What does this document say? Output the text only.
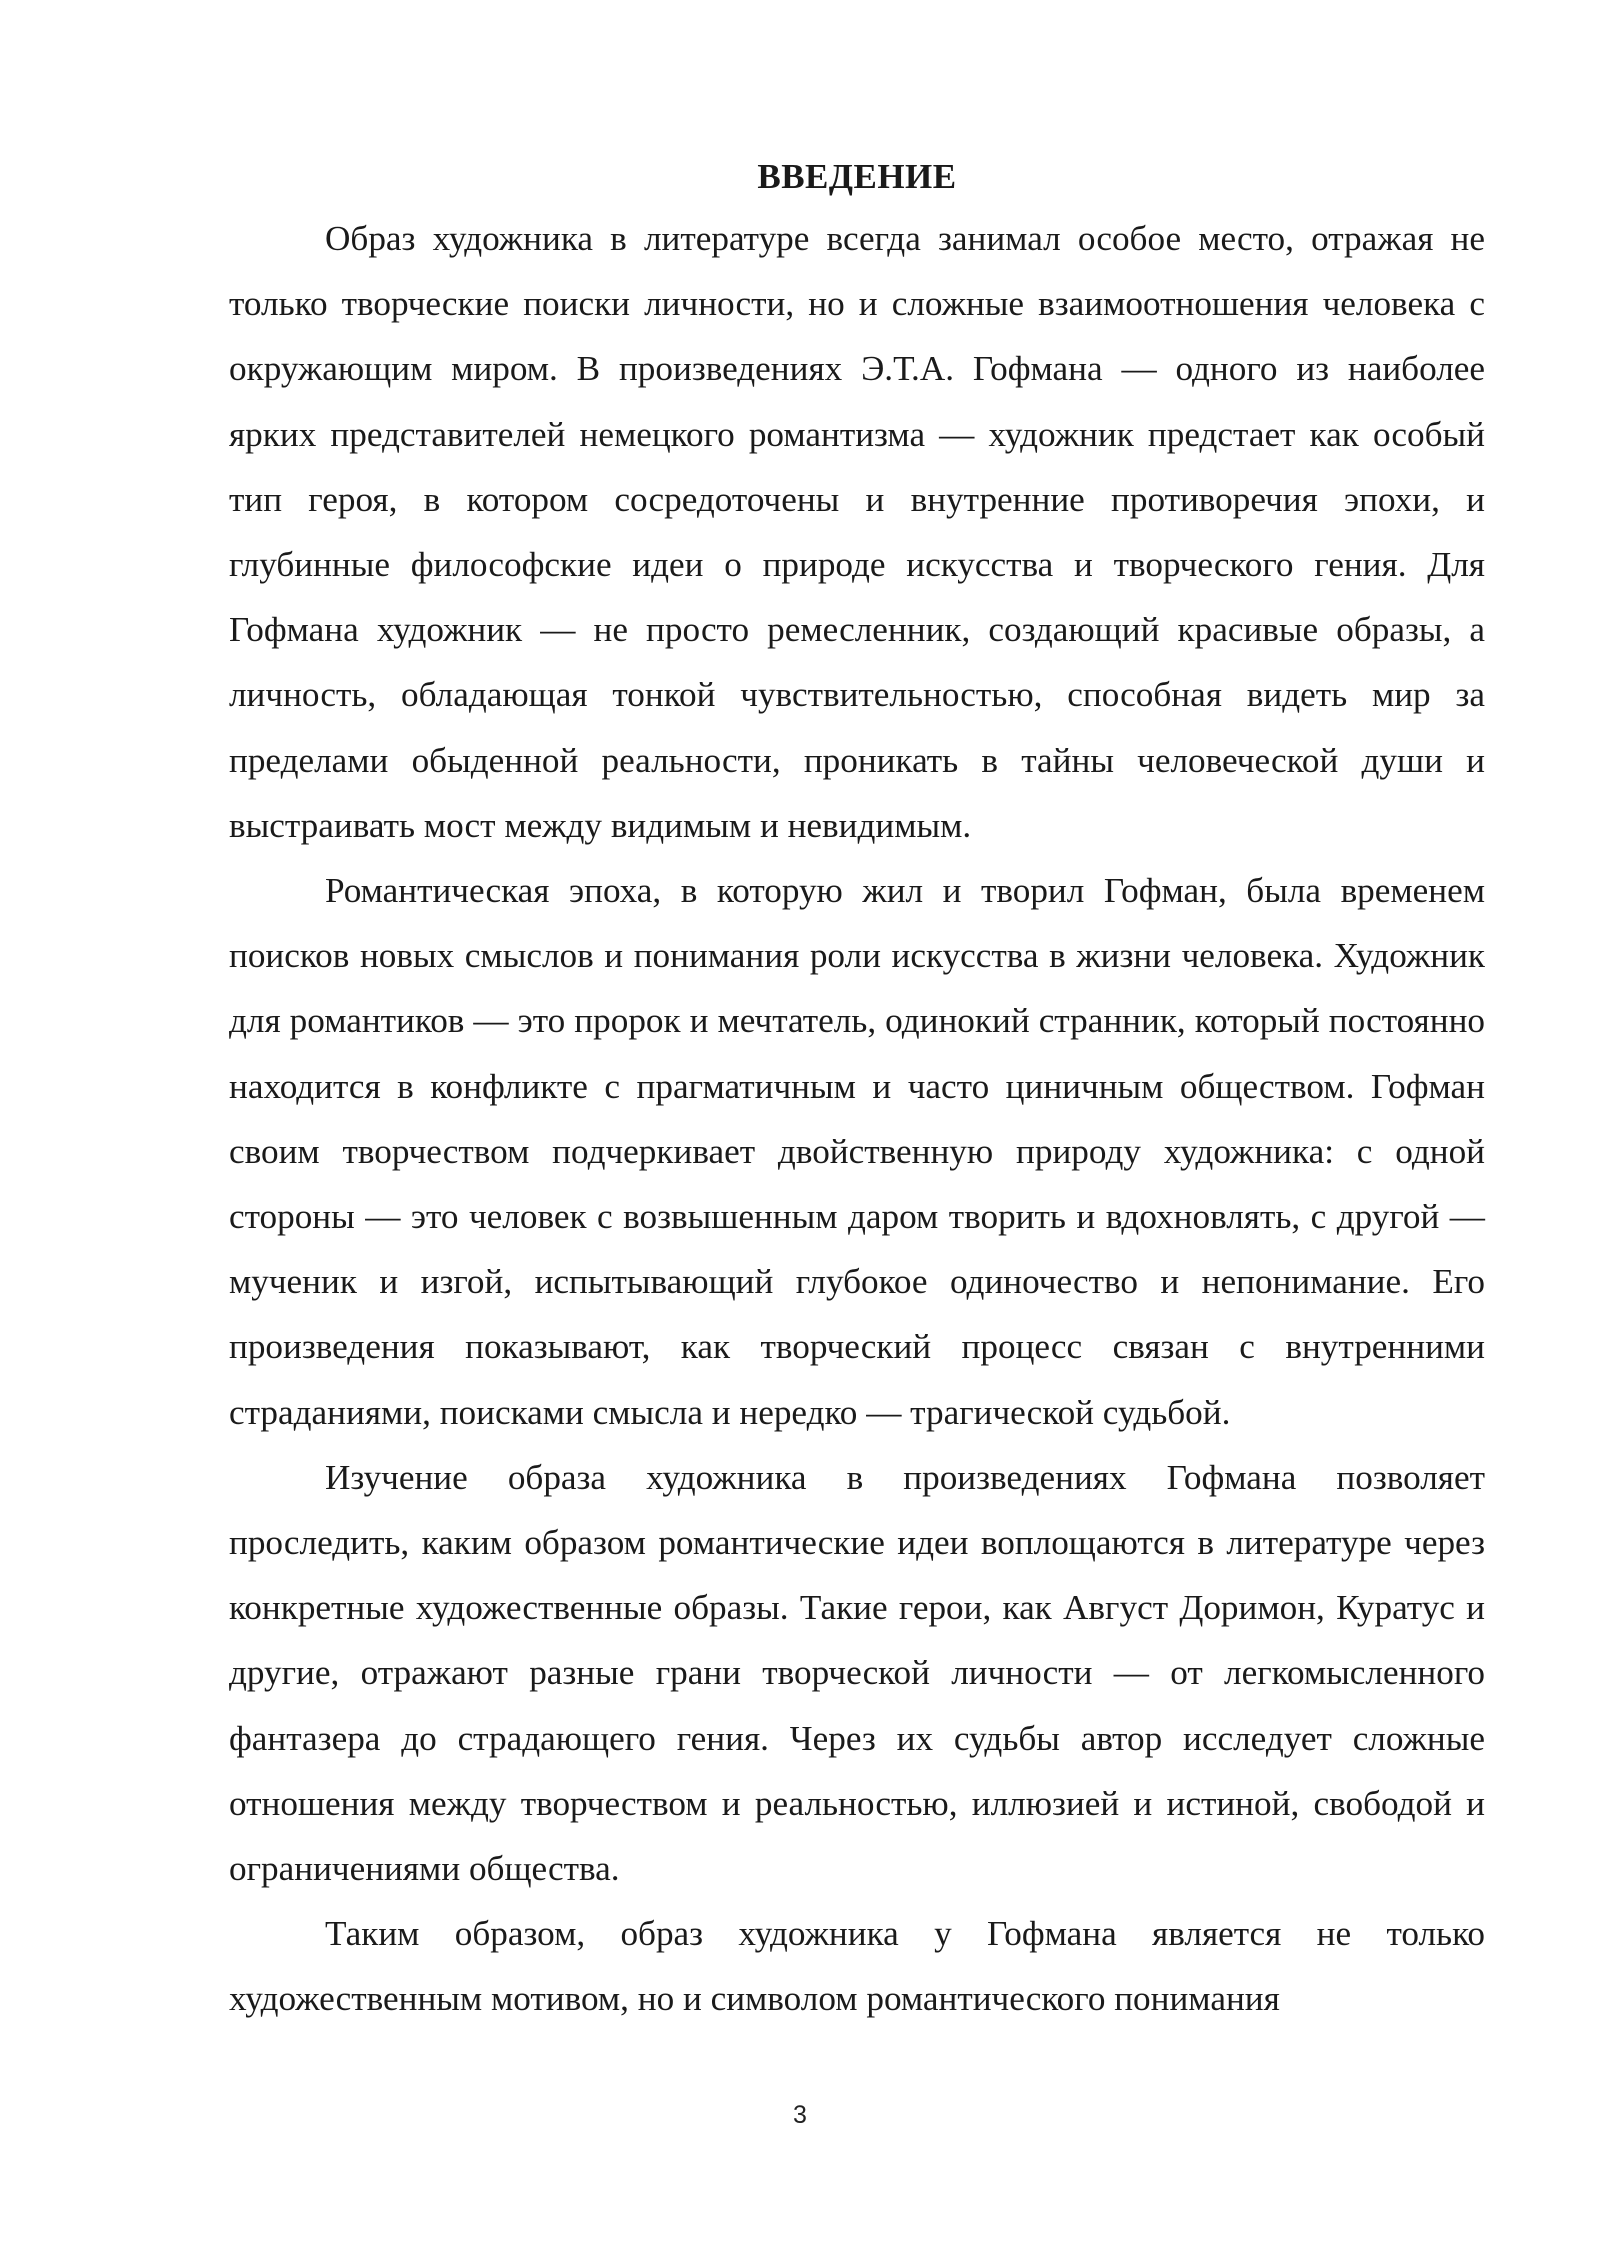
ВВЕДЕНИЕ

Образ художника в литературе всегда занимал особое место, отражая не только творческие поиски личности, но и сложные взаимоотношения человека с окружающим миром. В произведениях Э.Т.А. Гофмана — одного из наиболее ярких представителей немецкого романтизма — художник предстает как особый тип героя, в котором сосредоточены и внутренние противоречия эпохи, и глубинные философские идеи о природе искусства и творческого гения. Для Гофмана художник — не просто ремесленник, создающий красивые образы, а личность, обладающая тонкой чувствительностью, способная видеть мир за пределами обыденной реальности, проникать в тайны человеческой души и выстраивать мост между видимым и невидимым.

Романтическая эпоха, в которую жил и творил Гофман, была временем поисков новых смыслов и понимания роли искусства в жизни человека. Художник для романтиков — это пророк и мечтатель, одинокий странник, который постоянно находится в конфликте с прагматичным и часто циничным обществом. Гофман своим творчеством подчеркивает двойственную природу художника: с одной стороны — это человек с возвышенным даром творить и вдохновлять, с другой — мученик и изгой, испытывающий глубокое одиночество и непонимание. Его произведения показывают, как творческий процесс связан с внутренними страданиями, поисками смысла и нередко — трагической судьбой.

Изучение образа художника в произведениях Гофмана позволяет проследить, каким образом романтические идеи воплощаются в литературе через конкретные художественные образы. Такие герои, как Август Доримон, Куратус и другие, отражают разные грани творческой личности — от легкомысленного фантазера до страдающего гения. Через их судьбы автор исследует сложные отношения между творчеством и реальностью, иллюзией и истиной, свободой и ограничениями общества.

Таким образом, образ художника у Гофмана является не только художественным мотивом, но и символом романтического понимания

3
